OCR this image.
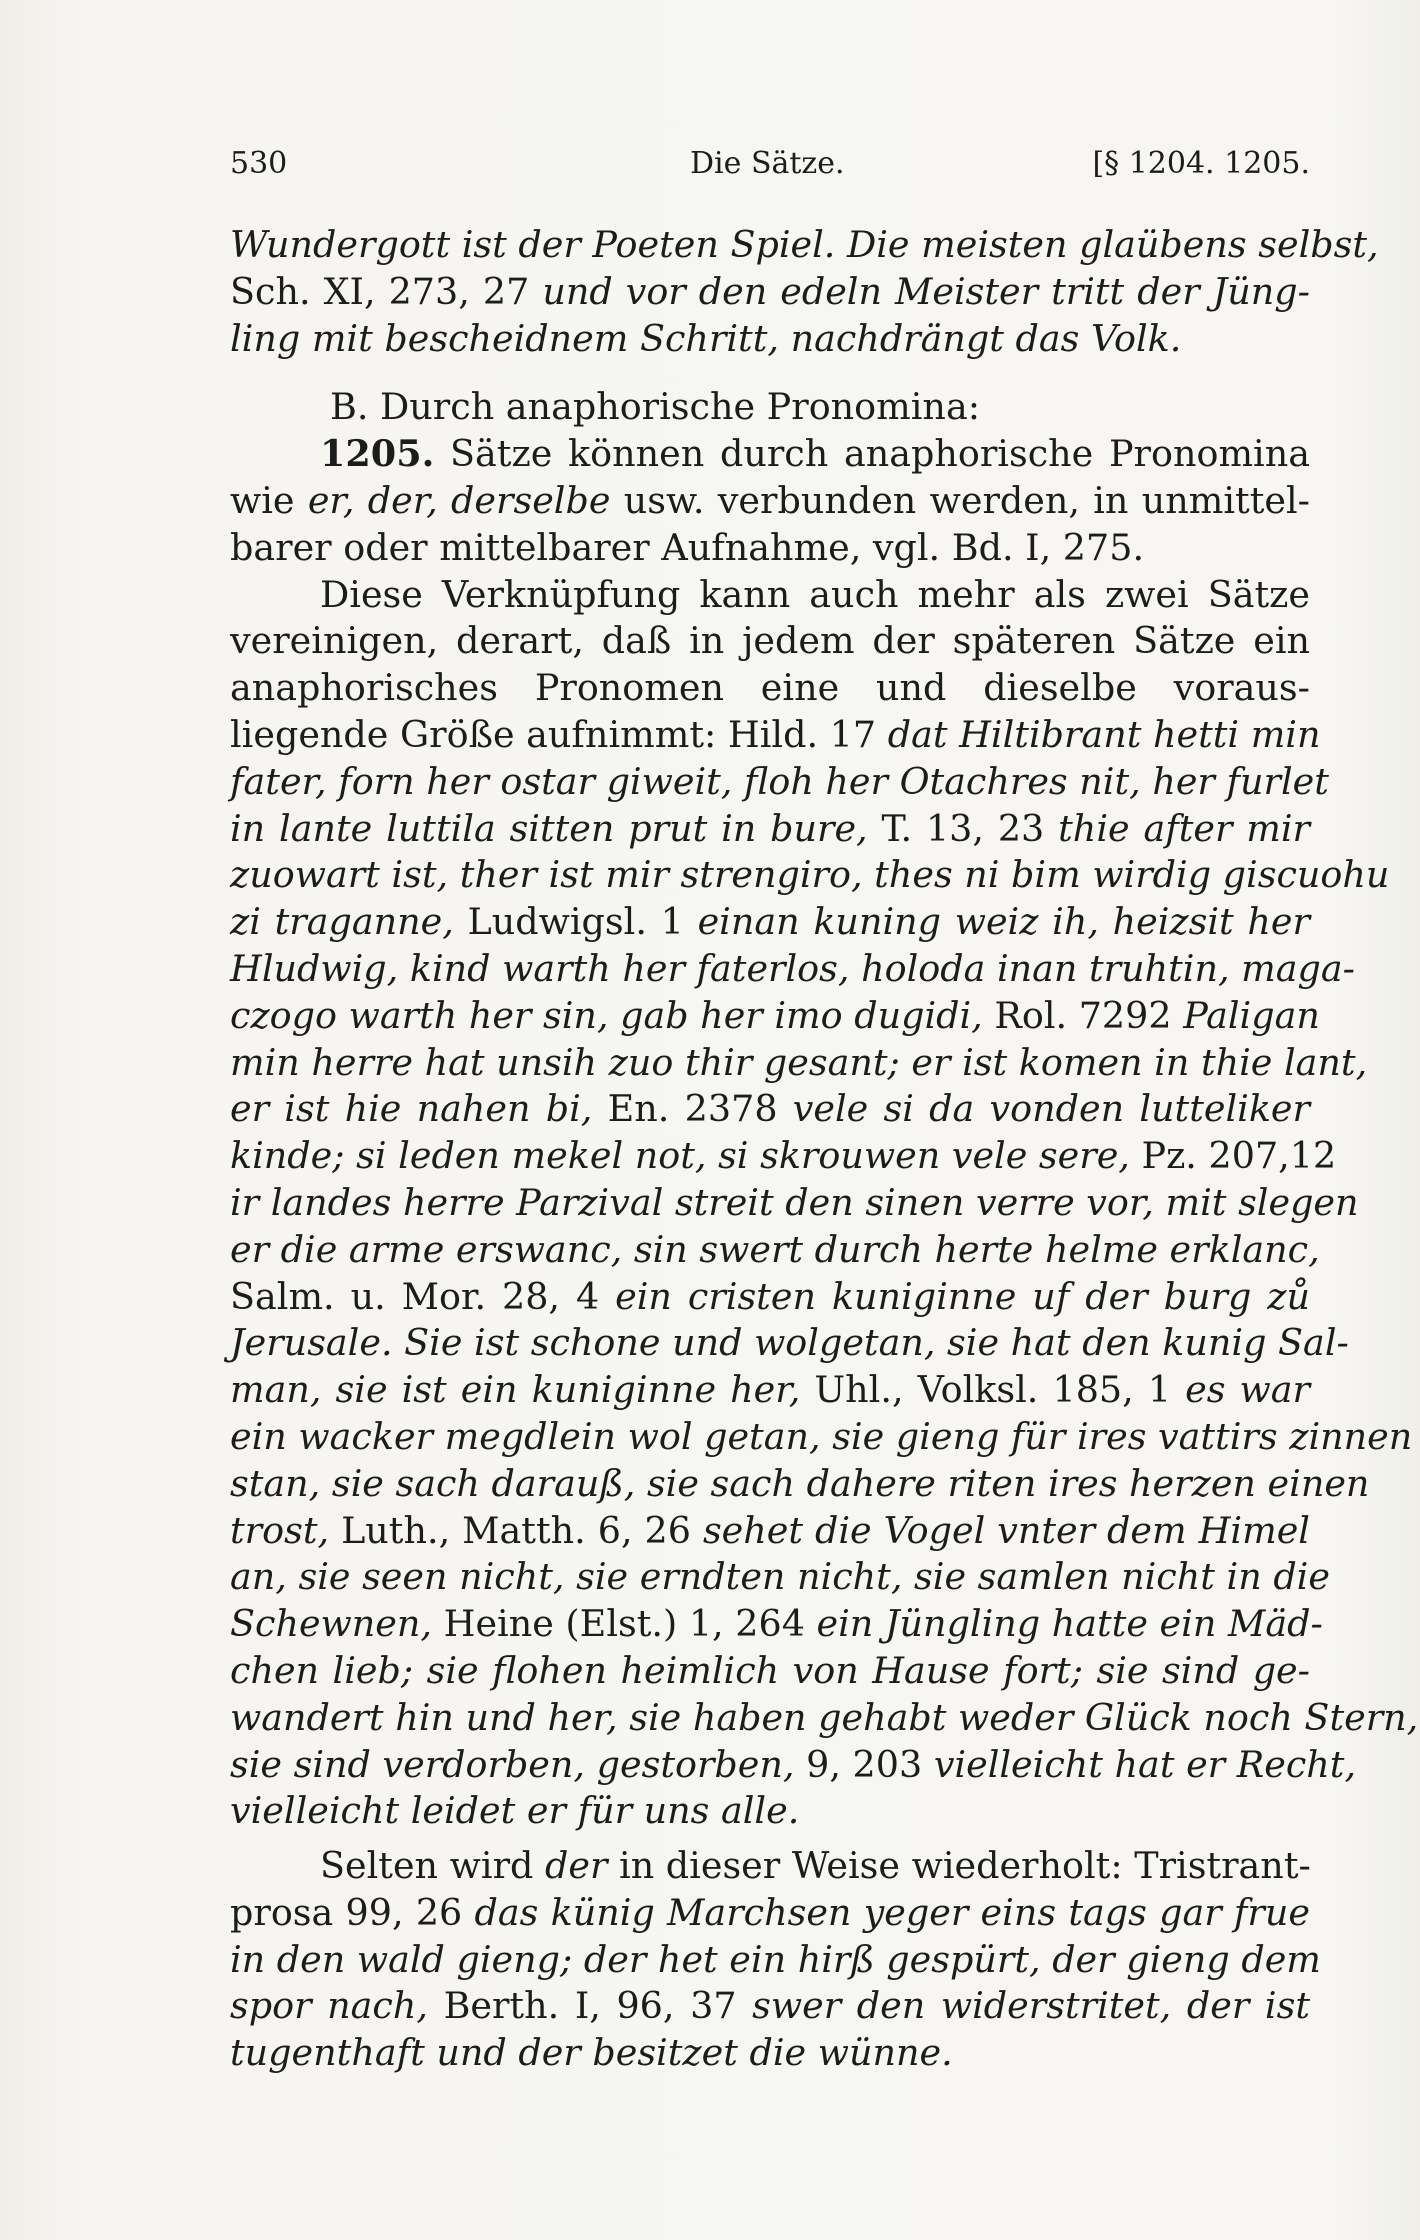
530	Die Sätze.	[§ 1204. 1205.
Wundergott ist der Poeten Spiel. Die meisten glaübens selbst,
Sch. XI, 273, 27 und vor den edeln Meister tritt der Jüng-
ling mit bescheidnem Schritt, nachdrängt das Volk.
B. Durch anaphorische Pronomina:
1205. Sätze können durch anaphorische Pronomina
wie er, der, derselbe usw. verbunden werden, in unmittel-
barer oder mittelbarer Aufnahme, vgl. Bd. I, 275.
Diese Verknüpfung kann auch mehr als zwei Sätze
vereinigen, derart, daß in jedem der späteren Sätze ein
anaphorisches Pronomen eine und dieselbe voraus-
liegende Größe aufnimmt: Hild. 17 dat Hiltibrant hetti min
fater, forn her ostar giweit, floh her Otachres nit, her furlet
in lante luttila sitten prut in bure, T. 13, 23 thie after mir
zuowart ist, ther ist mir strengiro, thes ni bim wirdig giscuohu
zi traganne, Ludwigsl. 1 einan kuning weiz ih, heizsit her
Hludwig, kind warth her faterlos, holoda inan truhtin, maga-
czogo warth her sin, gab her imo dugidi, Rol. 7292 Paligan
min herre hat unsih zuo thir gesant; er ist komen in thie lant,
er ist hie nahen bi, En. 2378 vele si da vonden lutteliker
kinde; si leden mekel not, si skrouwen vele sere, Pz. 207,12
ir landes herre Parzival streit den sinen verre vor, mit slegen
er die arme erswanc, sin swert durch herte helme erklanc,
Salm. u. Mor. 28, 4 ein cristen kuniginne uf der burg zů
Jerusale. Sie ist schone und wolgetan, sie hat den kunig Sal-
man, sie ist ein kuniginne her, Uhl., Volksl. 185, 1 es war
ein wacker megdlein wol getan, sie gieng für ires vattirs zinnen
stan, sie sach darauß, sie sach dahere riten ires herzen einen
trost, Luth., Matth. 6, 26 sehet die Vogel vnter dem Himel
an, sie seen nicht, sie erndten nicht, sie samlen nicht in die
Schewnen, Heine (Elst.) 1, 264 ein Jüngling hatte ein Mäd-
chen lieb; sie flohen heimlich von Hause fort; sie sind ge-
wandert hin und her, sie haben gehabt weder Glück noch Stern,
sie sind verdorben, gestorben, 9, 203 vielleicht hat er Recht,
vielleicht leidet er für uns alle.
Selten wird der in dieser Weise wiederholt: Tristrant-
prosa 99, 26 das künig Marchsen yeger eins tags gar frue
in den wald gieng; der het ein hirß gespürt, der gieng dem
spor nach, Berth. I, 96, 37 swer den widerstritet, der ist
tugenthaft und der besitzet die wünne.
